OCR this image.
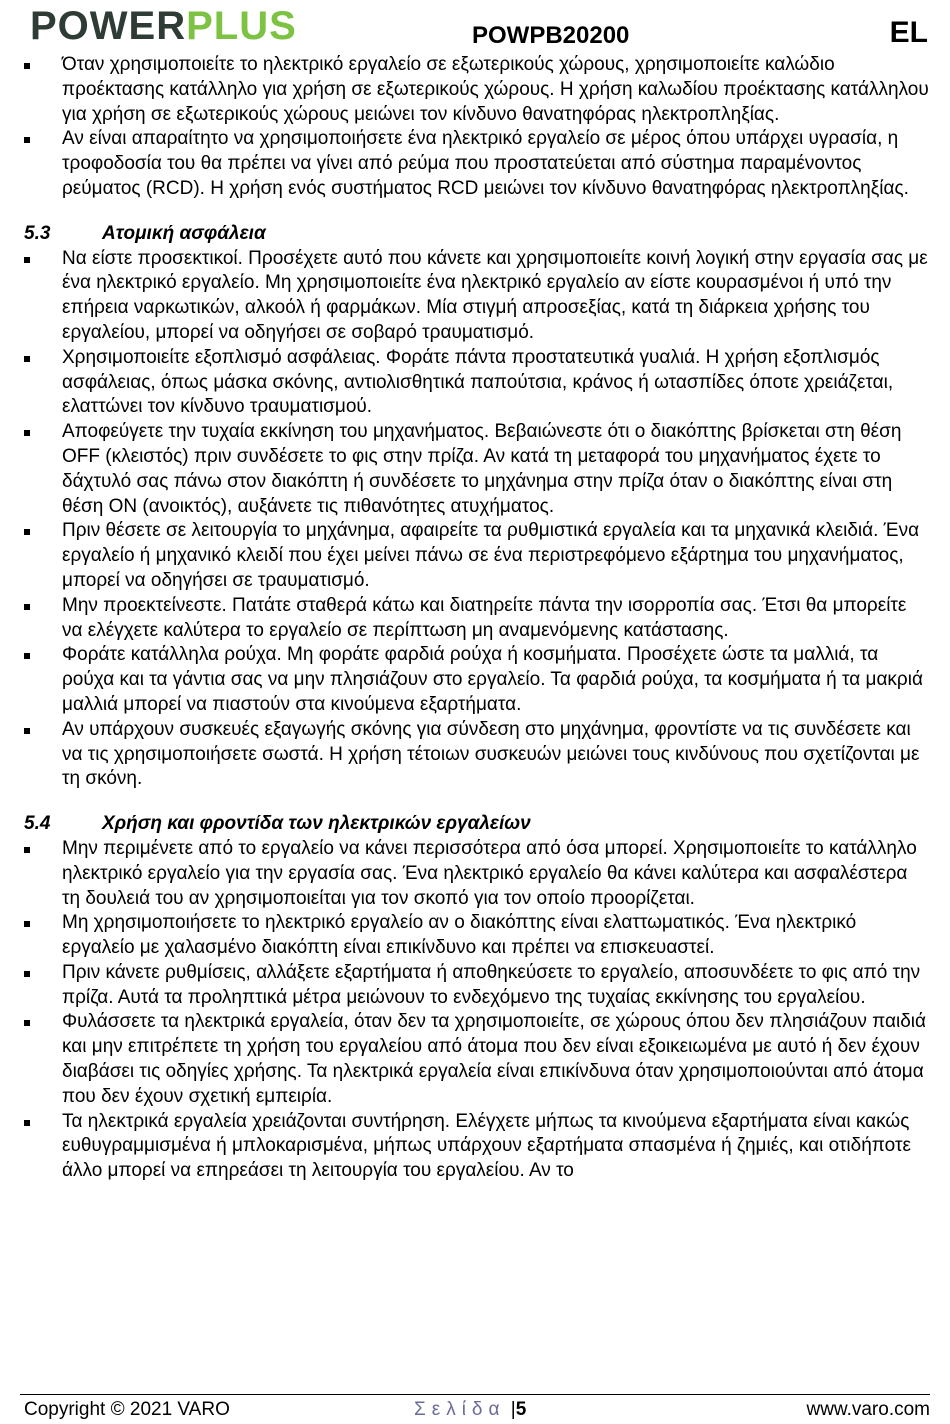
POWERPLUS	POWPB20200	EL
Όταν χρησιμοποιείτε το ηλεκτρικό εργαλείο σε εξωτερικούς χώρους, χρησιμοποιείτε καλώδιο προέκτασης κατάλληλο για χρήση σε εξωτερικούς χώρους. Η χρήση καλωδίου προέκτασης κατάλληλου για χρήση σε εξωτερικούς χώρους μειώνει τον κίνδυνο θανατηφόρας ηλεκτροπληξίας.
Αν είναι απαραίτητο να χρησιμοποιήσετε ένα ηλεκτρικό εργαλείο σε μέρος όπου υπάρχει υγρασία, η τροφοδοσία του θα πρέπει να γίνει από ρεύμα που προστατεύεται από σύστημα παραμένοντος ρεύματος (RCD). Η χρήση ενός συστήματος RCD μειώνει τον κίνδυνο θανατηφόρας ηλεκτροπληξίας.
5.3	Ατομική ασφάλεια
Να είστε προσεκτικοί. Προσέχετε αυτό που κάνετε και χρησιμοποιείτε κοινή λογική στην εργασία σας με ένα ηλεκτρικό εργαλείο. Μη χρησιμοποιείτε ένα ηλεκτρικό εργαλείο αν είστε κουρασμένοι ή υπό την επήρεια ναρκωτικών, αλκοόλ ή φαρμάκων. Μία στιγμή απροσεξίας, κατά τη διάρκεια χρήσης του εργαλείου, μπορεί να οδηγήσει σε σοβαρό τραυματισμό.
Χρησιμοποιείτε εξοπλισμό ασφάλειας. Φοράτε πάντα προστατευτικά γυαλιά. Η χρήση εξοπλισμός ασφάλειας, όπως μάσκα σκόνης, αντιολισθητικά παπούτσια, κράνος ή ωτασπίδες όποτε χρειάζεται, ελαττώνει τον κίνδυνο τραυματισμού.
Αποφεύγετε την τυχαία εκκίνηση του μηχανήματος. Βεβαιώνεστε ότι ο διακόπτης βρίσκεται στη θέση OFF (κλειστός) πριν συνδέσετε το φις στην πρίζα. Αν κατά τη μεταφορά του μηχανήματος έχετε το δάχτυλό σας πάνω στον διακόπτη ή συνδέσετε το μηχάνημα στην πρίζα όταν ο διακόπτης είναι στη θέση ON (ανοικτός), αυξάνετε τις πιθανότητες ατυχήματος.
Πριν θέσετε σε λειτουργία το μηχάνημα, αφαιρείτε τα ρυθμιστικά εργαλεία και τα μηχανικά κλειδιά. Ένα εργαλείο ή μηχανικό κλειδί που έχει μείνει πάνω σε ένα περιστρεφόμενο εξάρτημα του μηχανήματος, μπορεί να οδηγήσει σε τραυματισμό.
Μην προεκτείνεστε. Πατάτε σταθερά κάτω και διατηρείτε πάντα την ισορροπία σας. Έτσι θα μπορείτε να ελέγχετε καλύτερα το εργαλείο σε περίπτωση μη αναμενόμενης κατάστασης.
Φοράτε κατάλληλα ρούχα. Μη φοράτε φαρδιά ρούχα ή κοσμήματα. Προσέχετε ώστε τα μαλλιά, τα ρούχα και τα γάντια σας να μην πλησιάζουν στο εργαλείο. Τα φαρδιά ρούχα, τα κοσμήματα ή τα μακριά μαλλιά μπορεί να πιαστούν στα κινούμενα εξαρτήματα.
Αν υπάρχουν συσκευές εξαγωγής σκόνης για σύνδεση στο μηχάνημα, φροντίστε να τις συνδέσετε και να τις χρησιμοποιήσετε σωστά. Η χρήση τέτοιων συσκευών μειώνει τους κινδύνους που σχετίζονται με τη σκόνη.
5.4	Χρήση και φροντίδα των ηλεκτρικών εργαλείων
Μην περιμένετε από το εργαλείο να κάνει περισσότερα από όσα μπορεί. Χρησιμοποιείτε το κατάλληλο ηλεκτρικό εργαλείο για την εργασία σας. Ένα ηλεκτρικό εργαλείο θα κάνει καλύτερα και ασφαλέστερα τη δουλειά του αν χρησιμοποιείται για τον σκοπό για τον οποίο προορίζεται.
Μη χρησιμοποιήσετε το ηλεκτρικό εργαλείο αν ο διακόπτης είναι ελαττωματικός. Ένα ηλεκτρικό εργαλείο με χαλασμένο διακόπτη είναι επικίνδυνο και πρέπει να επισκευαστεί.
Πριν κάνετε ρυθμίσεις, αλλάξετε εξαρτήματα ή αποθηκεύσετε το εργαλείο, αποσυνδέετε το φις από την πρίζα. Αυτά τα προληπτικά μέτρα μειώνουν το ενδεχόμενο της τυχαίας εκκίνησης του εργαλείου.
Φυλάσσετε τα ηλεκτρικά εργαλεία, όταν δεν τα χρησιμοποιείτε, σε χώρους όπου δεν πλησιάζουν παιδιά και μην επιτρέπετε τη χρήση του εργαλείου από άτομα που δεν είναι εξοικειωμένα με αυτό ή δεν έχουν διαβάσει τις οδηγίες χρήσης. Τα ηλεκτρικά εργαλεία είναι επικίνδυνα όταν χρησιμοποιούνται από άτομα που δεν έχουν σχετική εμπειρία.
Τα ηλεκτρικά εργαλεία χρειάζονται συντήρηση. Ελέγχετε μήπως τα κινούμενα εξαρτήματα είναι κακώς ευθυγραμμισμένα ή μπλοκαρισμένα, μήπως υπάρχουν εξαρτήματα σπασμένα ή ζημιές, και οτιδήποτε άλλο μπορεί να επηρεάσει τη λειτουργία του εργαλείου. Αν το
Copyright © 2021 VARO	Σελίδα |5	www.varo.com
